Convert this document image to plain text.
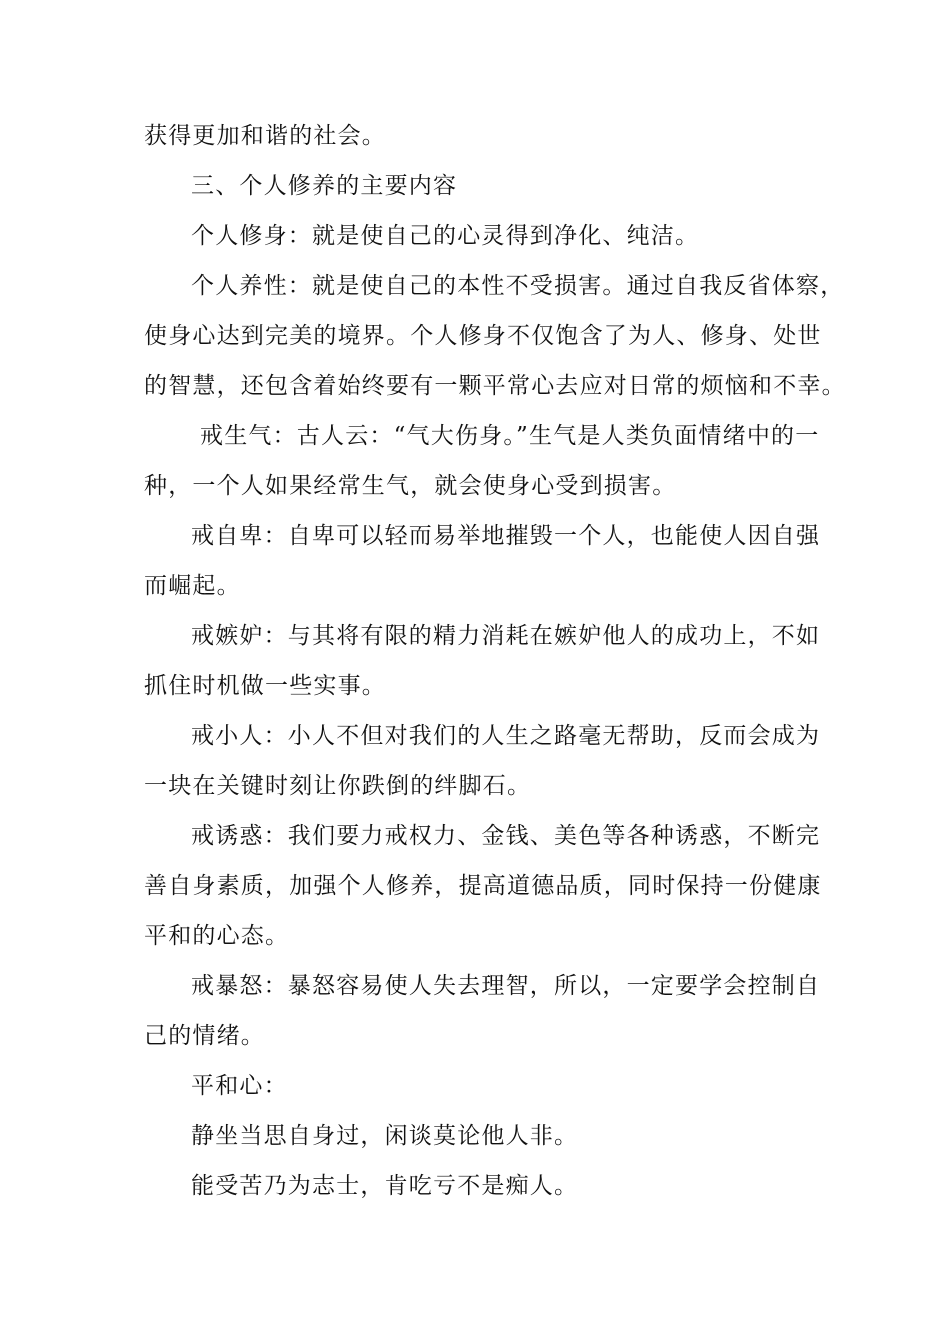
获得更加和谐的社会。
三、个人修养的主要内容
个人修身：就是使自己的心灵得到净化、纯洁。
个人养性：就是使自己的本性不受损害。通过自我反省体察，
使身心达到完美的境界。个人修身不仅饱含了为人、修身、处世
的智慧，还包含着始终要有一颗平常心去应对日常的烦恼和不幸。
戒生气：古人云：“气大伤身。”生气是人类负面情绪中的一
种，一个人如果经常生气，就会使身心受到损害。
戒自卑：自卑可以轻而易举地摧毁一个人，也能使人因自强
而崛起。
戒嫉妒：与其将有限的精力消耗在嫉妒他人的成功上，不如
抓住时机做一些实事。
戒小人：小人不但对我们的人生之路毫无帮助，反而会成为
一块在关键时刻让你跌倒的绊脚石。
戒诱惑：我们要力戒权力、金钱、美色等各种诱惑，不断完
善自身素质，加强个人修养，提高道德品质，同时保持一份健康
平和的心态。
戒暴怒：暴怒容易使人失去理智，所以，一定要学会控制自
己的情绪。
平和心：
静坐当思自身过，闲谈莫论他人非。
能受苦乃为志士，肯吃亏不是痴人。
